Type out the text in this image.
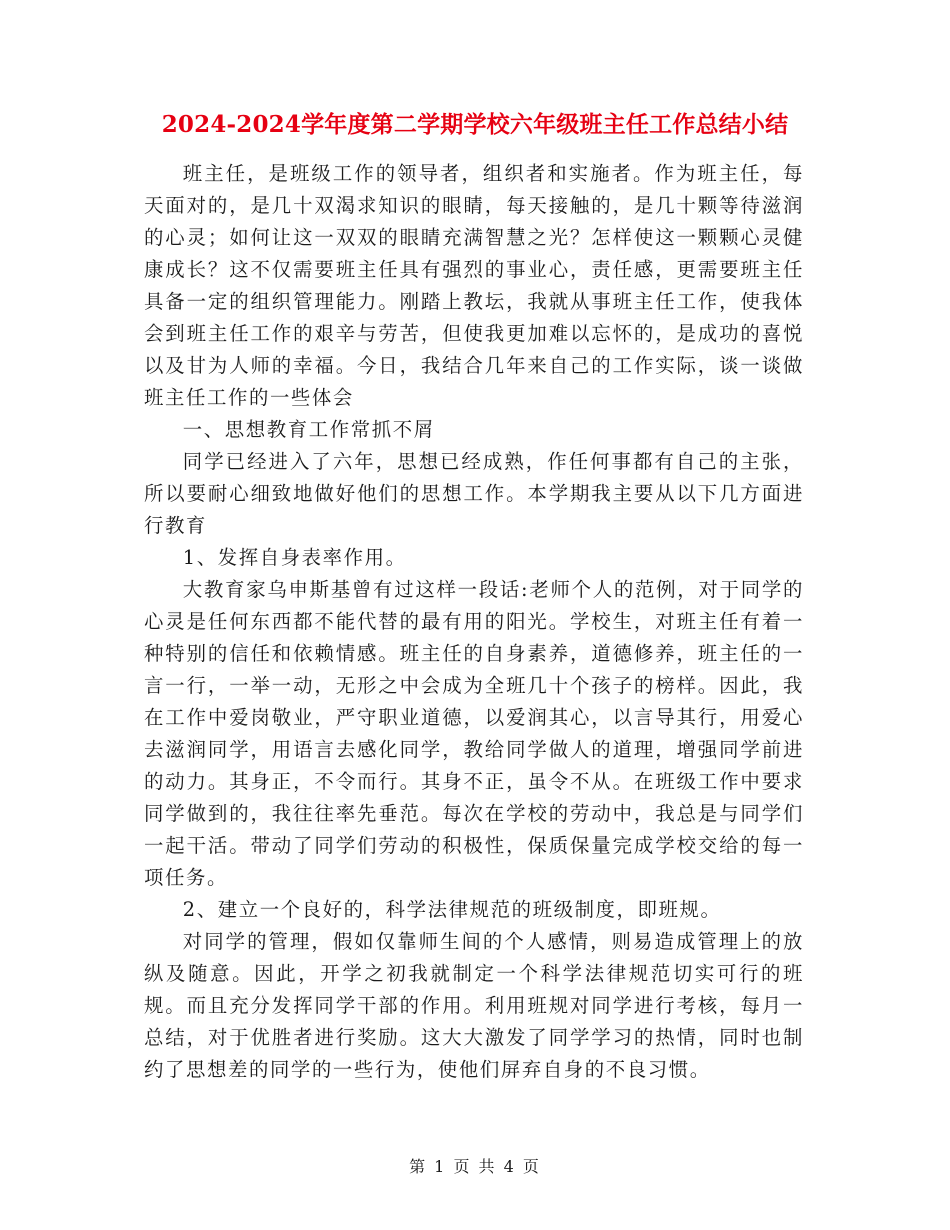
2024-2024学年度第二学期学校六年级班主任工作总结小结

班主任，是班级工作的领导者，组织者和实施者。作为班主任，每天面对的，是几十双渴求知识的眼睛，每天接触的，是几十颗等待滋润的心灵；如何让这一双双的眼睛充满智慧之光？怎样使这一颗颗心灵健康成长？这不仅需要班主任具有强烈的事业心，责任感，更需要班主任具备一定的组织管理能力。刚踏上教坛，我就从事班主任工作，使我体会到班主任工作的艰辛与劳苦，但使我更加难以忘怀的，是成功的喜悦以及甘为人师的幸福。今日，我结合几年来自己的工作实际，谈一谈做班主任工作的一些体会

一、思想教育工作常抓不屑

同学已经进入了六年，思想已经成熟，作任何事都有自己的主张，所以要耐心细致地做好他们的思想工作。本学期我主要从以下几方面进行教育

1、发挥自身表率作用。

大教育家乌申斯基曾有过这样一段话:老师个人的范例，对于同学的心灵是任何东西都不能代替的最有用的阳光。学校生，对班主任有着一种特别的信任和依赖情感。班主任的自身素养，道德修养，班主任的一言一行，一举一动，无形之中会成为全班几十个孩子的榜样。因此，我在工作中爱岗敬业，严守职业道德，以爱润其心，以言导其行，用爱心去滋润同学，用语言去感化同学，教给同学做人的道理，增强同学前进的动力。其身正，不令而行。其身不正，虽令不从。在班级工作中要求同学做到的，我往往率先垂范。每次在学校的劳动中，我总是与同学们一起干活。带动了同学们劳动的积极性，保质保量完成学校交给的每一项任务。

2、建立一个良好的，科学法律规范的班级制度，即班规。

对同学的管理，假如仅靠师生间的个人感情，则易造成管理上的放纵及随意。因此，开学之初我就制定一个科学法律规范切实可行的班规。而且充分发挥同学干部的作用。利用班规对同学进行考核，每月一总结，对于优胜者进行奖励。这大大激发了同学学习的热情，同时也制约了思想差的同学的一些行为，使他们屏弃自身的不良习惯。

第 1 页 共 4 页
